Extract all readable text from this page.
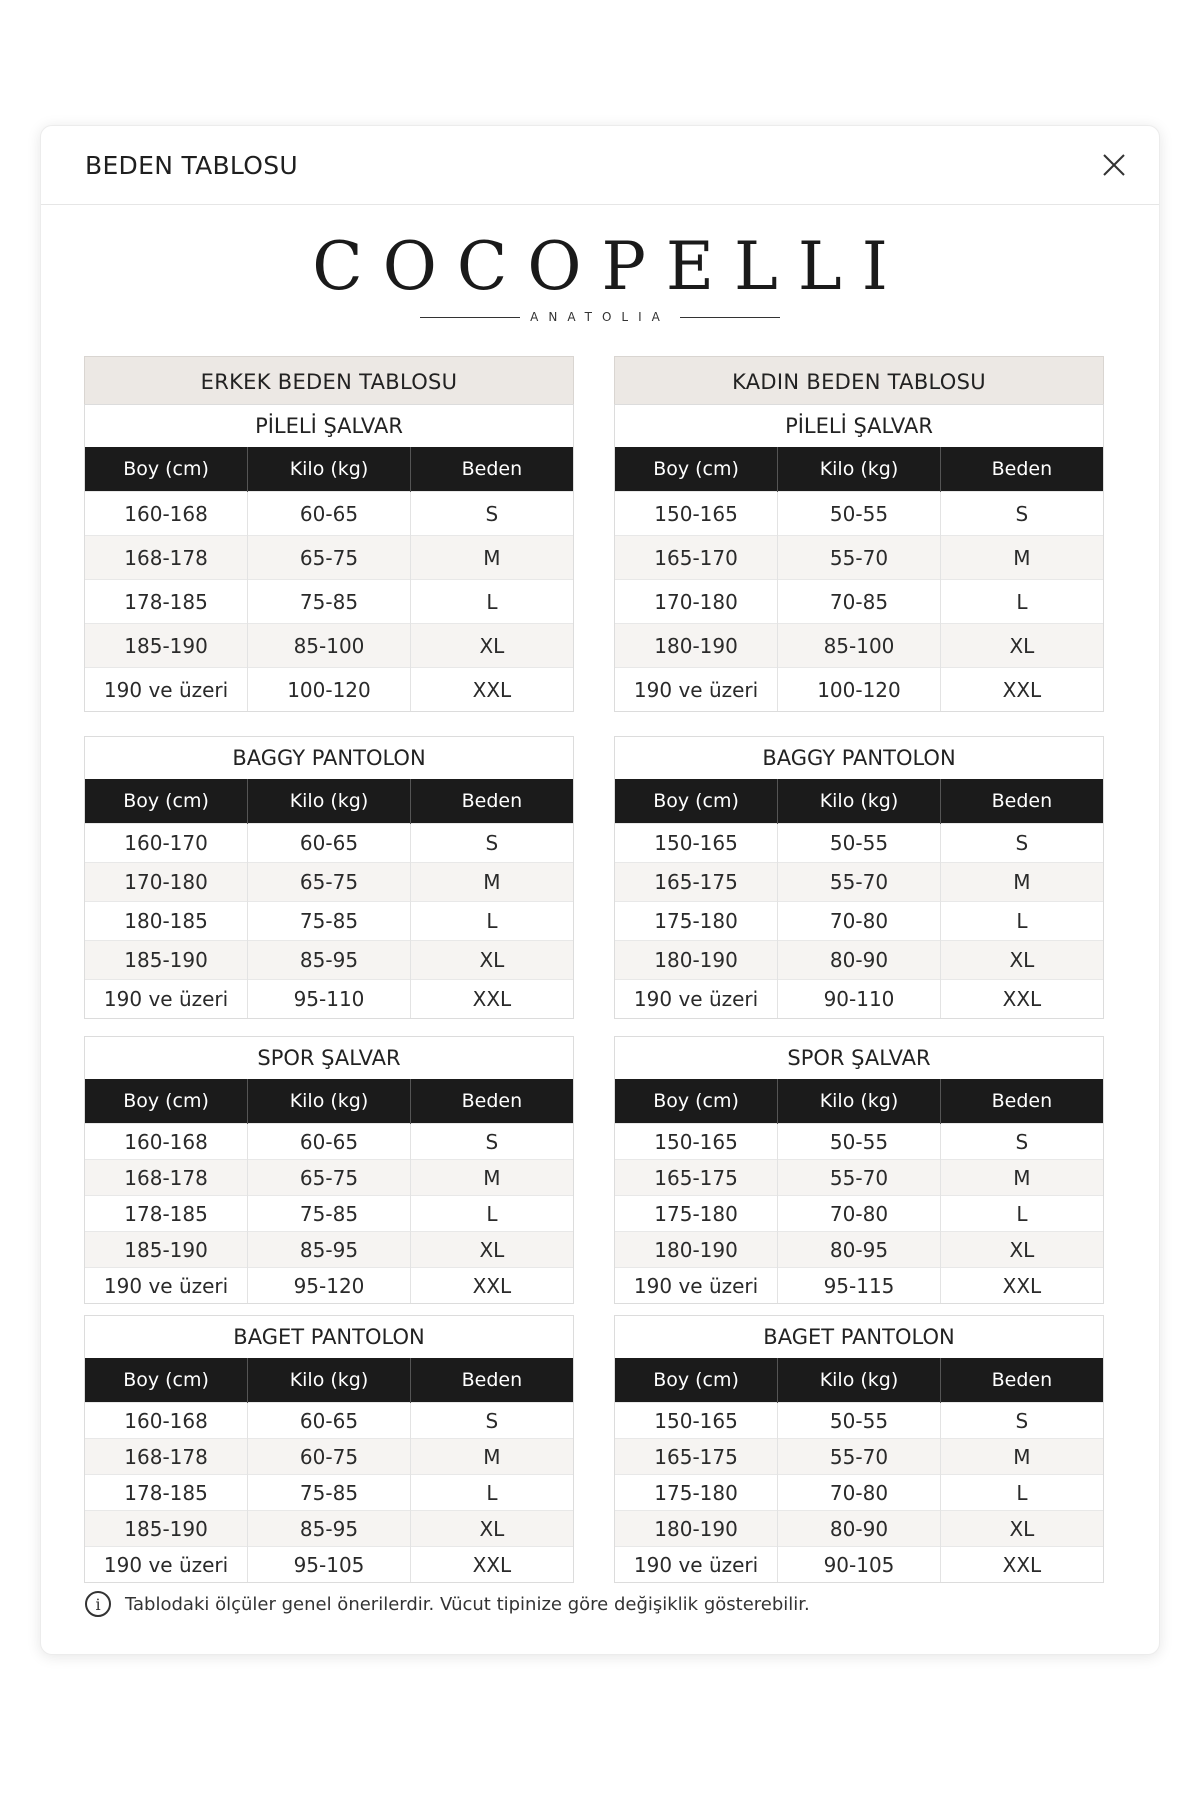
BEDEN TABLOSU
COCOPELLI
ANATOLIA
ERKEK BEDEN TABLOSU
PİLELİ ŞALVAR
Boy (cm)	Kilo (kg)	Beden
160-168	60-65	S
168-178	65-75	M
178-185	75-85	L
185-190	85-100	XL
190 ve üzeri	100-120	XXL
BAGGY PANTOLON
Boy (cm)	Kilo (kg)	Beden
160-170	60-65	S
170-180	65-75	M
180-185	75-85	L
185-190	85-95	XL
190 ve üzeri	95-110	XXL
SPOR ŞALVAR
Boy (cm)	Kilo (kg)	Beden
160-168	60-65	S
168-178	65-75	M
178-185	75-85	L
185-190	85-95	XL
190 ve üzeri	95-120	XXL
BAGET PANTOLON
Boy (cm)	Kilo (kg)	Beden
160-168	60-65	S
168-178	60-75	M
178-185	75-85	L
185-190	85-95	XL
190 ve üzeri	95-105	XXL
KADIN BEDEN TABLOSU
PİLELİ ŞALVAR
Boy (cm)	Kilo (kg)	Beden
150-165	50-55	S
165-170	55-70	M
170-180	70-85	L
180-190	85-100	XL
190 ve üzeri	100-120	XXL
BAGGY PANTOLON
Boy (cm)	Kilo (kg)	Beden
150-165	50-55	S
165-175	55-70	M
175-180	70-80	L
180-190	80-90	XL
190 ve üzeri	90-110	XXL
SPOR ŞALVAR
Boy (cm)	Kilo (kg)	Beden
150-165	50-55	S
165-175	55-70	M
175-180	70-80	L
180-190	80-95	XL
190 ve üzeri	95-115	XXL
BAGET PANTOLON
Boy (cm)	Kilo (kg)	Beden
150-165	50-55	S
165-175	55-70	M
175-180	70-80	L
180-190	80-90	XL
190 ve üzeri	90-105	XXL
i	Tablodaki ölçüler genel önerilerdir. Vücut tipinize göre değişiklik gösterebilir.
